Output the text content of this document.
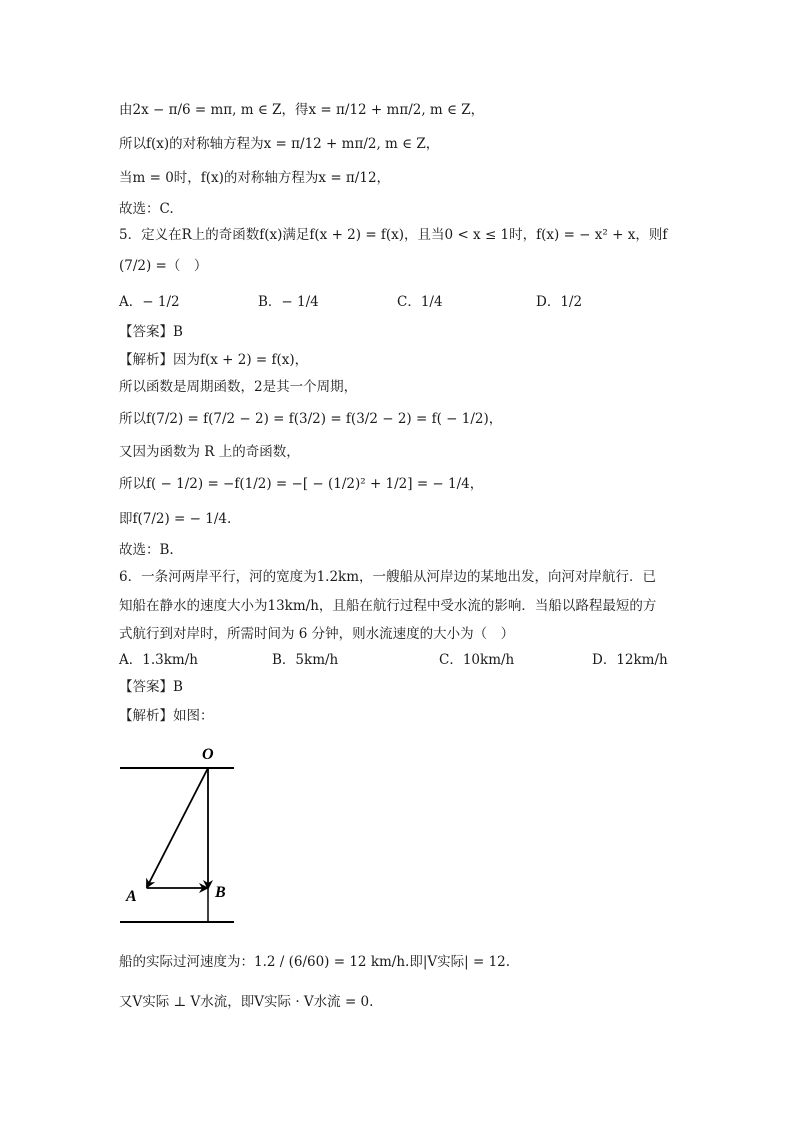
由2x − π/6 = mπ, m ∈ Z，得x = π/12 + mπ/2, m ∈ Z，
所以f(x)的对称轴方程为x = π/12 + mπ/2, m ∈ Z，
当m = 0时，f(x)的对称轴方程为x = π/12，
故选：C.
5．定义在R上的奇函数f(x)满足f(x + 2) = f(x)，且当0 < x ≤ 1时，f(x) = − x² + x，则f
(7/2) =（　）
A．− 1/2	B．− 1/4	C．1/4	D．1/2
【答案】B
【解析】因为f(x + 2) = f(x)，
所以函数是周期函数，2是其一个周期，
所以f(7/2) = f(7/2 − 2) = f(3/2) = f(3/2 − 2) = f( − 1/2)，
又因为函数为 R 上的奇函数，
所以f( − 1/2) = −f(1/2) = −[ − (1/2)² + 1/2] = − 1/4，
即f(7/2) = − 1/4.
故选：B.
6．一条河两岸平行，河的宽度为1.2km，一艘船从河岸边的某地出发，向河对岸航行．已
知船在静水的速度大小为13km/h，且船在航行过程中受水流的影响．当船以路程最短的方
式航行到对岸时，所需时间为 6 分钟，则水流速度的大小为（　）
A．1.3km/h	B．5km/h	C．10km/h	D．12km/h
【答案】B
【解析】如图：
O
A	B
船的实际过河速度为：1.2 / (6/60) = 12 km/h.即|V实际| = 12.
又V实际 ⊥ V水流，即V实际 · V水流 = 0.
